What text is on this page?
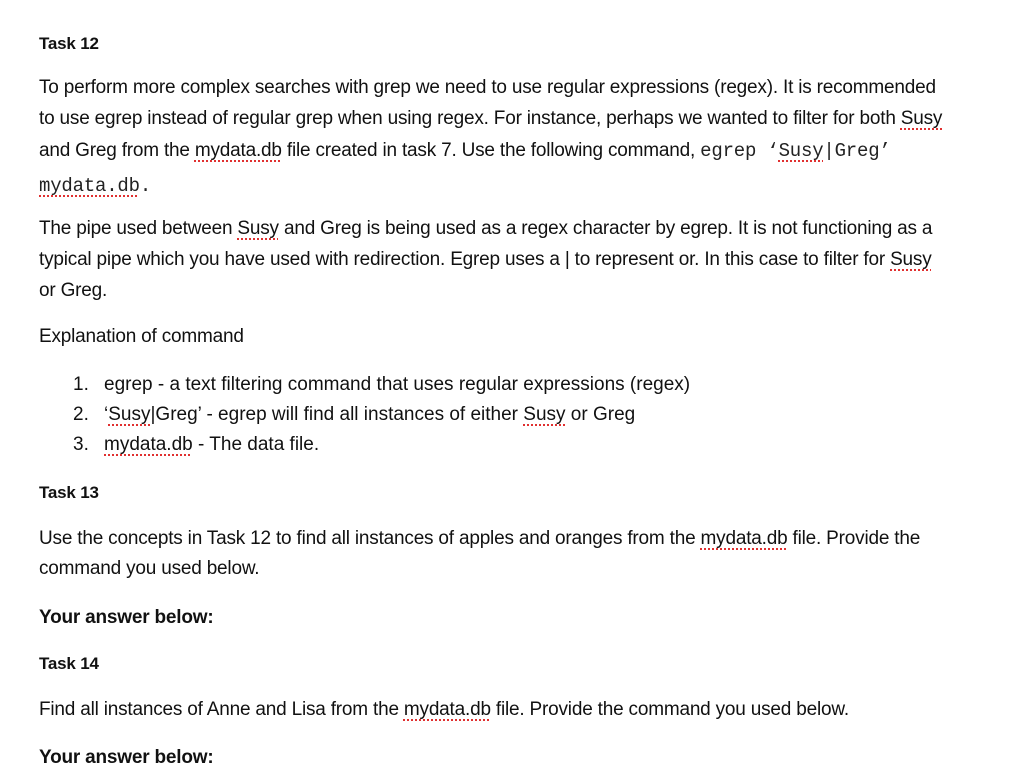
Task 12
To perform more complex searches with grep we need to use regular expressions (regex). It is recommended
to use egrep instead of regular grep when using regex. For instance, perhaps we wanted to filter for both Susy
and Greg from the mydata.db file created in task 7. Use the following command, egrep ‘Susy|Greg’
mydata.db.
The pipe used between Susy and Greg is being used as a regex character by egrep. It is not functioning as a
typical pipe which you have used with redirection. Egrep uses a | to represent or. In this case to filter for Susy
or Greg.
Explanation of command
1. egrep - a text filtering command that uses regular expressions (regex)
2. ‘Susy|Greg’ - egrep will find all instances of either Susy or Greg
3. mydata.db - The data file.
Task 13
Use the concepts in Task 12 to find all instances of apples and oranges from the mydata.db file. Provide the
command you used below.
Your answer below:
Task 14
Find all instances of Anne and Lisa from the mydata.db file. Provide the command you used below.
Your answer below:
